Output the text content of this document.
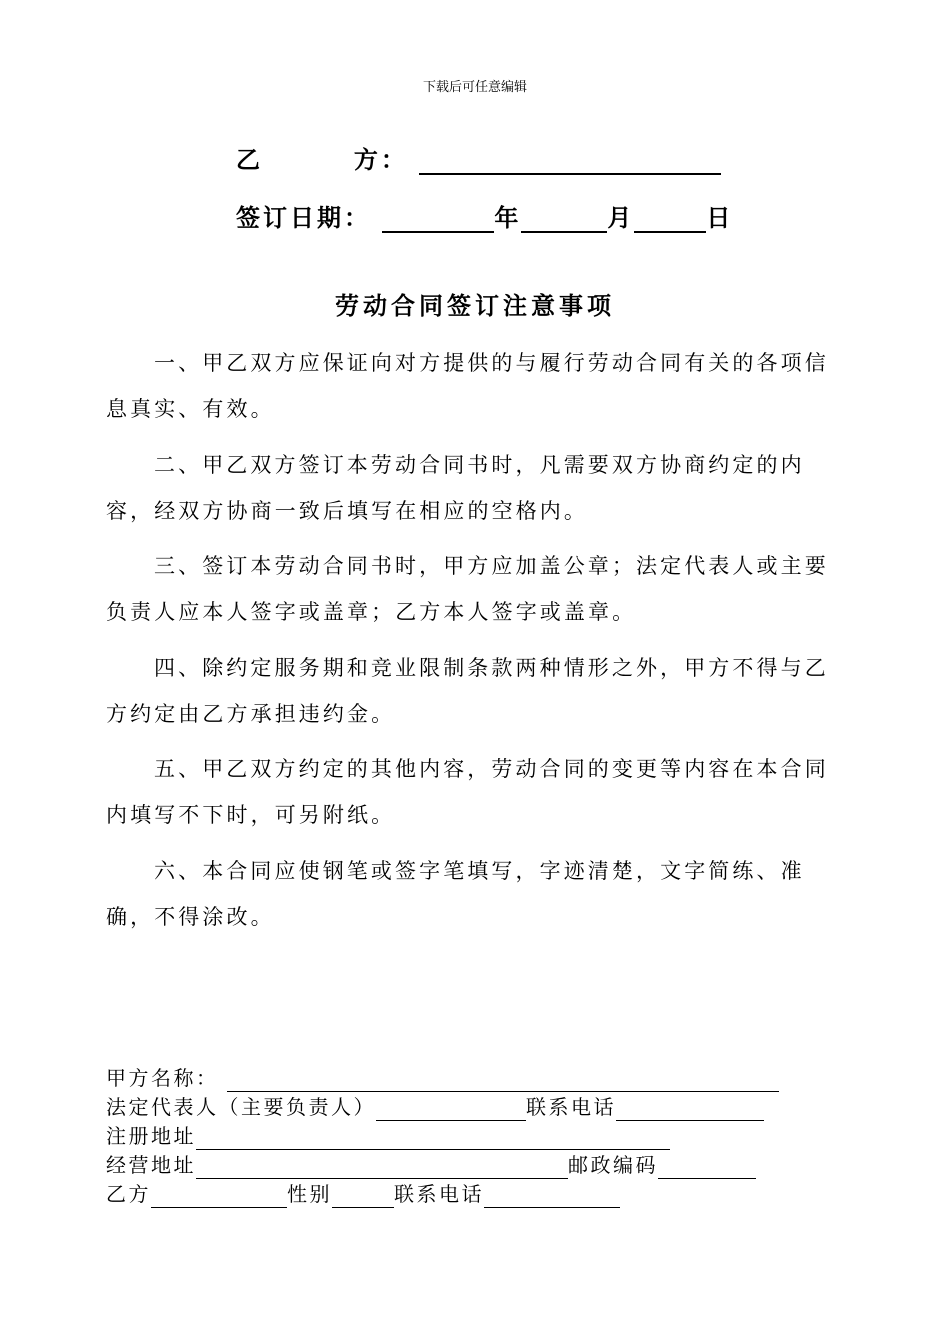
下载后可任意编辑
乙        方：
签订日期：	年	月	日
劳动合同签订注意事项

一、甲乙双方应保证向对方提供的与履行劳动合同有关的各项信息真实、有效。

二、甲乙双方签订本劳动合同书时，凡需要双方协商约定的内容，经双方协商一致后填写在相应的空格内。

三、签订本劳动合同书时，甲方应加盖公章；法定代表人或主要负责人应本人签字或盖章；乙方本人签字或盖章。

四、除约定服务期和竞业限制条款两种情形之外，甲方不得与乙方约定由乙方承担违约金。

五、甲乙双方约定的其他内容，劳动合同的变更等内容在本合同内填写不下时，可另附纸。

六、本合同应使钢笔或签字笔填写，字迹清楚，文字简练、准确，不得涂改。

甲方名称：
法定代表人（主要负责人）	联系电话
注册地址
经营地址	邮政编码
乙方	性别	联系电话
